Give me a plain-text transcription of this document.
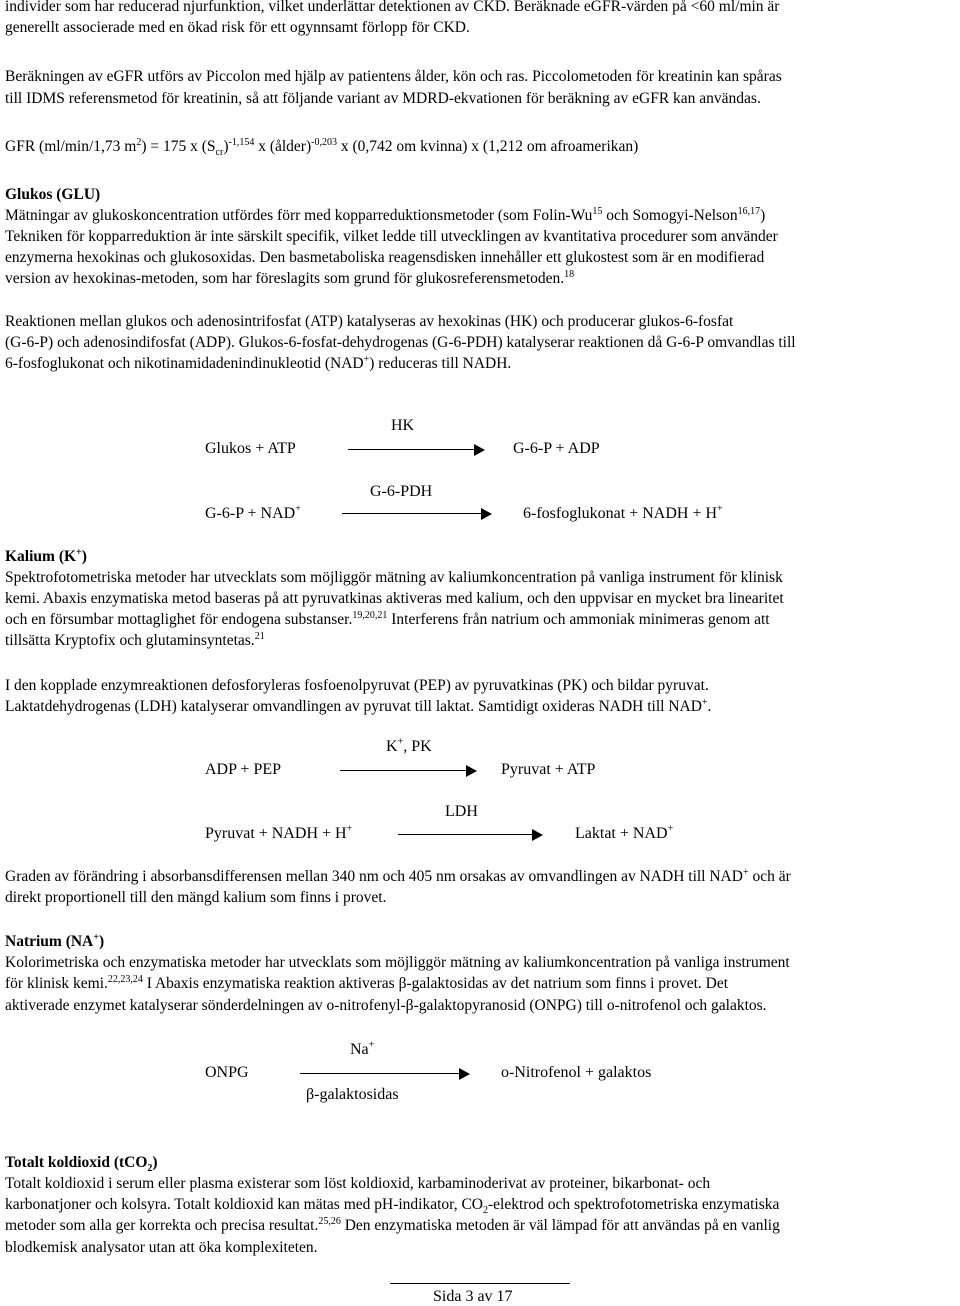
individer som har reducerad njurfunktion, vilket underlättar detektionen av CKD. Beräknade eGFR-värden på <60 ml/min är

generellt associerade med en ökad risk för ett ogynnsamt förlopp för CKD.

Beräkningen av eGFR utförs av Piccolon med hjälp av patientens ålder, kön och ras. Piccolometoden för kreatinin kan spåras

till IDMS referensmetod för kreatinin, så att följande variant av MDRD-ekvationen för beräkning av eGFR kan användas.

GFR (ml/min/1,73 $m^2) = 175$ x $(S_{cr})^{-1,154}$ x (ålder)$^{-0,203}$ x (0,742 om kvinna) x (1,212 om afroamerikan)

Glukos (GLU)

Mätningar av glukoskoncentration utfördes förr med kopparreduktionsmetoder (som Folin-Wu$^{15}$ och Somogyi-Nelson$^{16,17}$)

Tekniken för kopparreduktion är inte särskilt specifik, vilket ledde till utvecklingen av kvantitativa procedurer som använder

enzymerna hexokinas och glukosoxidas. Den basmetaboliska reagensdisken innehåller ett glukostest som är en modifierad

version av hexokinas-metoden, som har föreslagits som grund för glukosreferensmetoden.$^{18}$

Reaktionen mellan glukos och adenosintrifosfat (ATP) katalyseras av hexokinas (HK) och producerar glukos-6-fosfat

(G-6-P) och adenosindifosfat (ADP). Glukos-6-fosfat-dehydrogenas (G-6-PDH) katalyserar reaktionen då G-6-P omvandlas till

6-fosfoglukonat och nikotinamidadenindinukleotid (NAD+) reduceras till NADH.

HK
Glukos + ATP	G-6-P + ADP
G-6-PDH
G-6-P + NAD+	6-fosfoglukonat + NADH + H+

Kalium (K+)

Spektrofotometriska metoder har utvecklats som möjliggör mätning av kaliumkoncentration på vanliga instrument för klinisk

kemi. Abaxis enzymatiska metod baseras på att pyruvatkinas aktiveras med kalium, och den uppvisar en mycket bra linearitet

och en försumbar mottaglighet för endogena substanser.$^{19,20,21}$ Interferens från natrium och ammoniak minimeras genom att

tillsätta Kryptofix och glutaminsyntetas.$^{21}$

I den kopplade enzymreaktionen defosforyleras fosfoenolpyruvat (PEP) av pyruvatkinas (PK) och bildar pyruvat.

Laktatdehydrogenas (LDH) katalyserar omvandlingen av pyruvat till laktat. Samtidigt oxideras NADH till NAD+.

K+, PK
ADP + PEP	Pyruvat + ATP
LDH
Pyruvat + NADH + H+	Laktat + NAD+

Graden av förändring i absorbansdifferensen mellan 340 nm och 405 nm orsakas av omvandlingen av NADH till NAD+ och är

direkt proportionell till den mängd kalium som finns i provet.

Natrium (NA+)

Kolorimetriska och enzymatiska metoder har utvecklats som möjliggör mätning av kaliumkoncentration på vanliga instrument

för klinisk kemi.$^{22,23,24}$ I Abaxis enzymatiska reaktion aktiveras β-galaktosidas av det natrium som finns i provet. Det

aktiverade enzymet katalyserar sönderdelningen av o-nitrofenyl-β-galaktopyranosid (ONPG) till o-nitrofenol och galaktos.

Na+
ONPG	o-Nitrofenol + galaktos
β-galaktosidas

Totalt koldioxid (tCO$_2$)

Totalt koldioxid i serum eller plasma existerar som löst koldioxid, karbaminoderivat av proteiner, bikarbonat- och

karbonatjoner och kolsyra. Totalt koldioxid kan mätas med pH-indikator, $CO_2$-elektrod och spektrofotometriska enzymatiska

metoder som alla ger korrekta och precisa resultat.$^{25,26}$ Den enzymatiska metoden är väl lämpad för att användas på en vanlig

blodkemisk analysator utan att öka komplexiteten.

Sida 3 av 17
